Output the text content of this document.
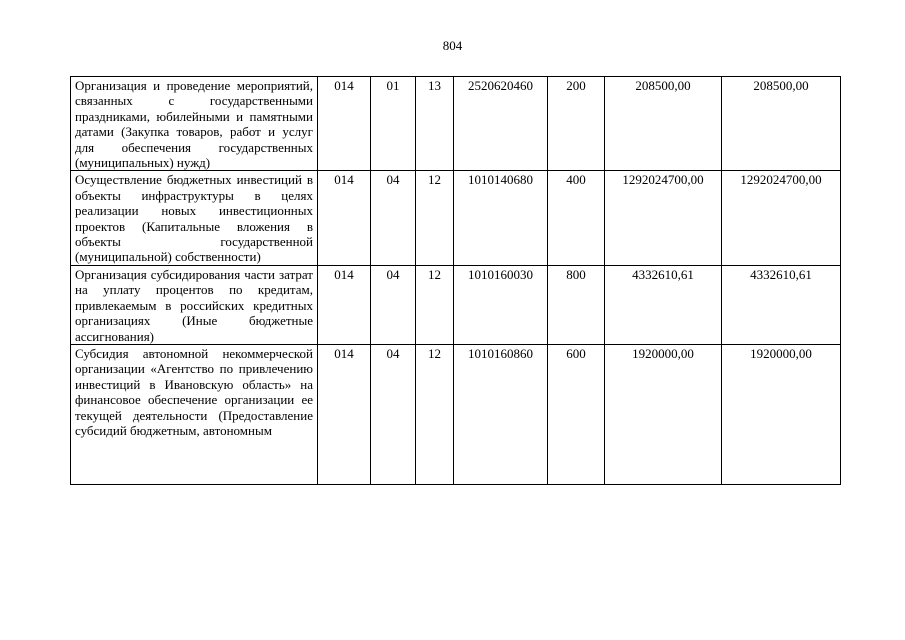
804
Организация и проведение мероприятий, связанных с государственными праздниками, юбилейными и памятными датами (Закупка товаров, работ и услуг для обеспечения государственных (муниципальных) нужд)	014	01	13	2520620460	200	208500,00	208500,00
Осуществление бюджетных инвестиций в объекты инфраструктуры в целях реализации новых инвестиционных проектов (Капитальные вложения в объекты государственной (муниципальной) собственности)	014	04	12	1010140680	400	1292024700,00	1292024700,00
Организация субсидирования части затрат на уплату процентов по кредитам, привлекаемым в российских кредитных организациях (Иные бюджетные ассигнования)	014	04	12	1010160030	800	4332610,61	4332610,61
Субсидия автономной некоммерческой организации «Агентство по привлечению инвестиций в Ивановскую область» на финансовое обеспечение организации ее текущей деятельности (Предоставление субсидий бюджетным, автономным	014	04	12	1010160860	600	1920000,00	1920000,00
